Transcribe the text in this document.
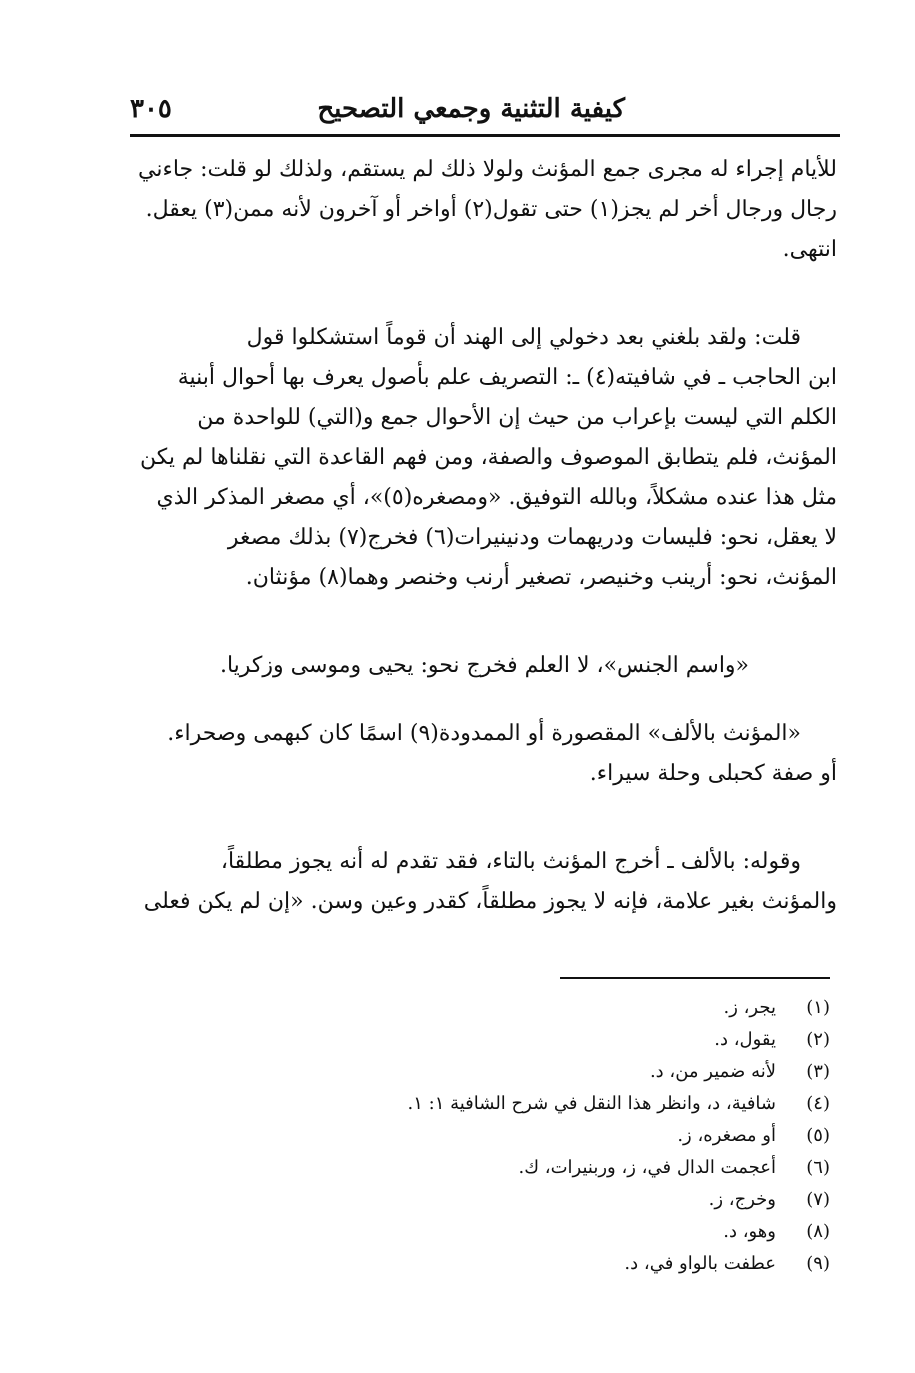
كيفية التثنية وجمعي التصحيح
٣٠٥
للأيام إجراء له مجرى جمع المؤنث ولولا ذلك لم يستقم، ولذلك لو قلت: جاءني
رجال ورجال أخر لم يجز(١) حتى تقول(٢) أواخر أو آخرون لأنه ممن(٣) يعقل.
انتهى.
قلت: ولقد بلغني بعد دخولي إلى الهند أن قوماً استشكلوا قول
ابن الحاجب ـ في شافيته(٤) ـ: التصريف علم بأصول يعرف بها أحوال أبنية
الكلم التي ليست بإعراب من حيث إن الأحوال جمع و(التي) للواحدة من
المؤنث، فلم يتطابق الموصوف والصفة، ومن فهم القاعدة التي نقلناها لم يكن
مثل هذا عنده مشكلاً، وبالله التوفيق. «ومصغره(٥)»، أي مصغر المذكر الذي
لا يعقل، نحو: فليسات ودريهمات ودنينيرات(٦) فخرج(٧) بذلك مصغر
المؤنث، نحو: أرينب وخنيصر، تصغير أرنب وخنصر وهما(٨) مؤنثان.
«واسم الجنس»، لا العلم فخرج نحو: يحيى وموسى وزكريا.
«المؤنث بالألف» المقصورة أو الممدودة(٩) اسمًا كان كبهمى وصحراء.
أو صفة كحبلى وحلة سيراء.
وقوله: بالألف ـ أخرج المؤنث بالتاء، فقد تقدم له أنه يجوز مطلقاً،
والمؤنث بغير علامة، فإنه لا يجوز مطلقاً، كقدر وعين وسن. «إن لم يكن فعلى
(١)
يجر، ز.
(٢)
يقول، د.
(٣)
لأنه ضمير من، د.
(٤)
شافية، د، وانظر هذا النقل في شرح الشافية ١: ١.
(٥)
أو مصغره، ز.
(٦)
أعجمت الدال في، ز، وربنيرات، ك.
(٧)
وخرج، ز.
(٨)
وهو، د.
(٩)
عطفت بالواو في، د.
